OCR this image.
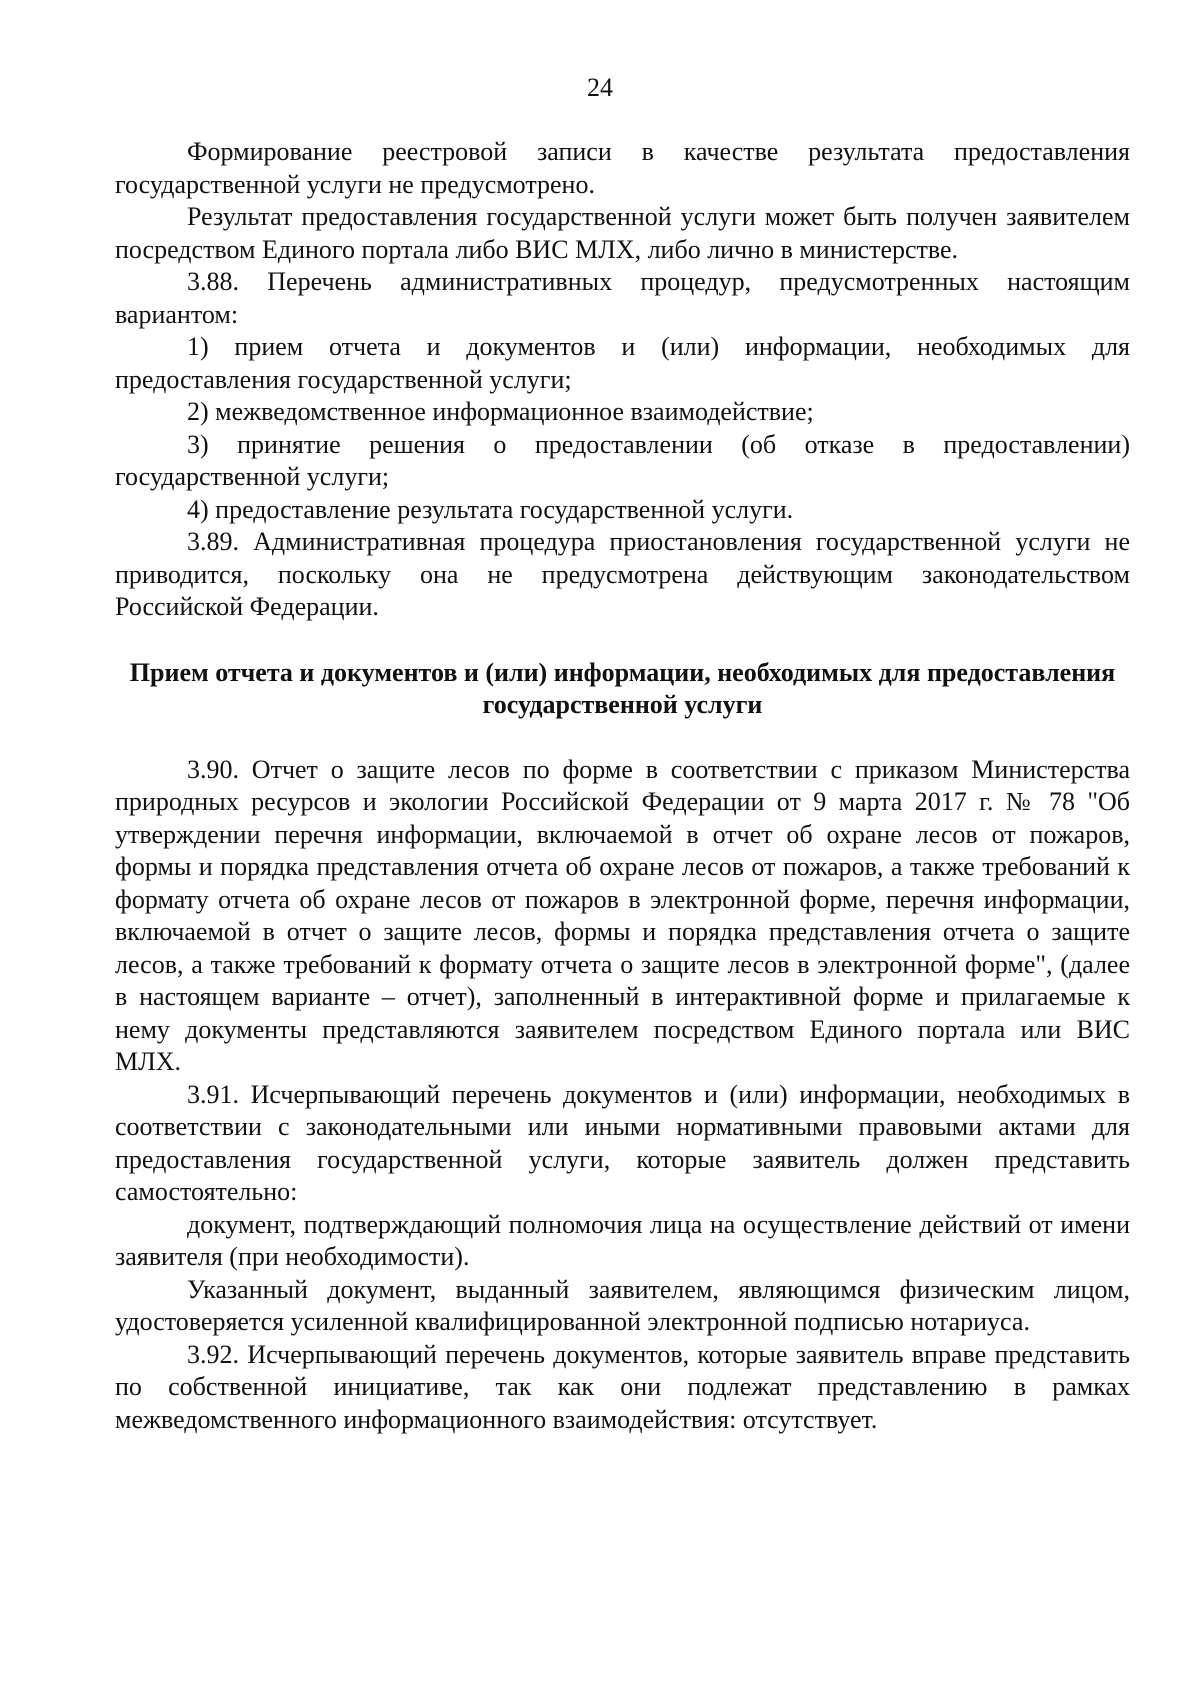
24

Формирование реестровой записи в качестве результата предоставления государственной услуги не предусмотрено.

Результат предоставления государственной услуги может быть получен заявителем посредством Единого портала либо ВИС МЛХ, либо лично в министерстве.

3.88. Перечень административных процедур, предусмотренных настоящим вариантом:

1) прием отчета и документов и (или) информации, необходимых для предоставления государственной услуги;

2) межведомственное информационное взаимодействие;

3) принятие решения о предоставлении (об отказе в предоставлении) государственной услуги;

4) предоставление результата государственной услуги.

3.89. Административная процедура приостановления государственной услуги не приводится, поскольку она не предусмотрена действующим законодательством Российской Федерации.

Прием отчета и документов и (или) информации, необходимых для предоставления государственной услуги

3.90. Отчет о защите лесов по форме в соответствии с приказом Министерства природных ресурсов и экологии Российской Федерации от 9 марта 2017 г. № 78 "Об утверждении перечня информации, включаемой в отчет об охране лесов от пожаров, формы и порядка представления отчета об охране лесов от пожаров, а также требований к формату отчета об охране лесов от пожаров в электронной форме, перечня информации, включаемой в отчет о защите лесов, формы и порядка представления отчета о защите лесов, а также требований к формату отчета о защите лесов в электронной форме", (далее в настоящем варианте – отчет), заполненный в интерактивной форме и прилагаемые к нему документы представляются заявителем посредством Единого портала или ВИС МЛХ.

3.91. Исчерпывающий перечень документов и (или) информации, необходимых в соответствии с законодательными или иными нормативными правовыми актами для предоставления государственной услуги, которые заявитель должен представить самостоятельно:

документ, подтверждающий полномочия лица на осуществление действий от имени заявителя (при необходимости).

Указанный документ, выданный заявителем, являющимся физическим лицом, удостоверяется усиленной квалифицированной электронной подписью нотариуса.

3.92. Исчерпывающий перечень документов, которые заявитель вправе представить по собственной инициативе, так как они подлежат представлению в рамках межведомственного информационного взаимодействия: отсутствует.
